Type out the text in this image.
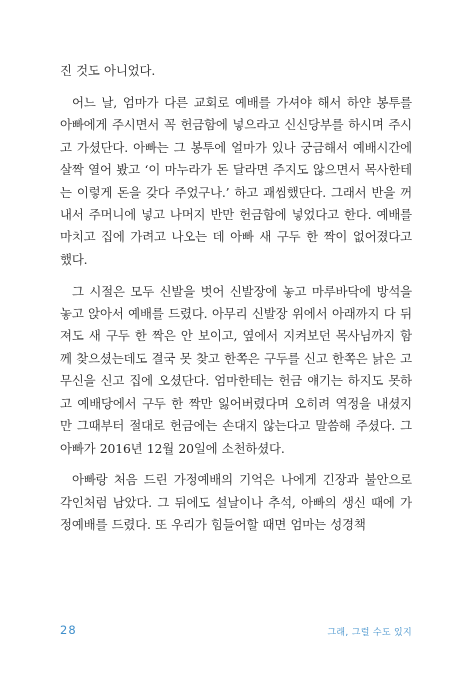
진 것도 아니었다.

어느 날, 엄마가 다른 교회로 예배를 가셔야 해서 하얀 봉투를 아빠에게 주시면서 꼭 헌금함에 넣으라고 신신당부를 하시며 주시고 가셨단다. 아빠는 그 봉투에 얼마가 있나 궁금해서 예배시간에 살짝 열어 봤고 ‘이 마누라가 돈 달라면 주지도 않으면서 목사한테는 이렇게 돈을 갖다 주었구나.’ 하고 괘씸했단다. 그래서 반을 꺼내서 주머니에 넣고 나머지 반만 헌금함에 넣었다고 한다. 예배를 마치고 집에 가려고 나오는 데 아빠 새 구두 한 짝이 없어졌다고 했다.

그 시절은 모두 신발을 벗어 신발장에 놓고 마루바닥에 방석을 놓고 앉아서 예배를 드렸다. 아무리 신발장 위에서 아래까지 다 뒤져도 새 구두 한 짝은 안 보이고, 옆에서 지켜보던 목사님까지 함께 찾으셨는데도 결국 못 찾고 한쪽은 구두를 신고 한쪽은 낡은 고무신을 신고 집에 오셨단다. 엄마한테는 헌금 얘기는 하지도 못하고 예배당에서 구두 한 짝만 잃어버렸다며 오히려 역정을 내셨지만 그때부터 절대로 헌금에는 손대지 않는다고 말씀해 주셨다. 그 아빠가 2016년 12월 20일에 소천하셨다.

아빠랑 처음 드린 가정예배의 기억은 나에게 긴장과 불안으로 각인처럼 남았다. 그 뒤에도 설날이나 추석, 아빠의 생신 때에 가정예배를 드렸다. 또 우리가 힘들어할 때면 엄마는 성경책

28	그래, 그럴 수도 있지
